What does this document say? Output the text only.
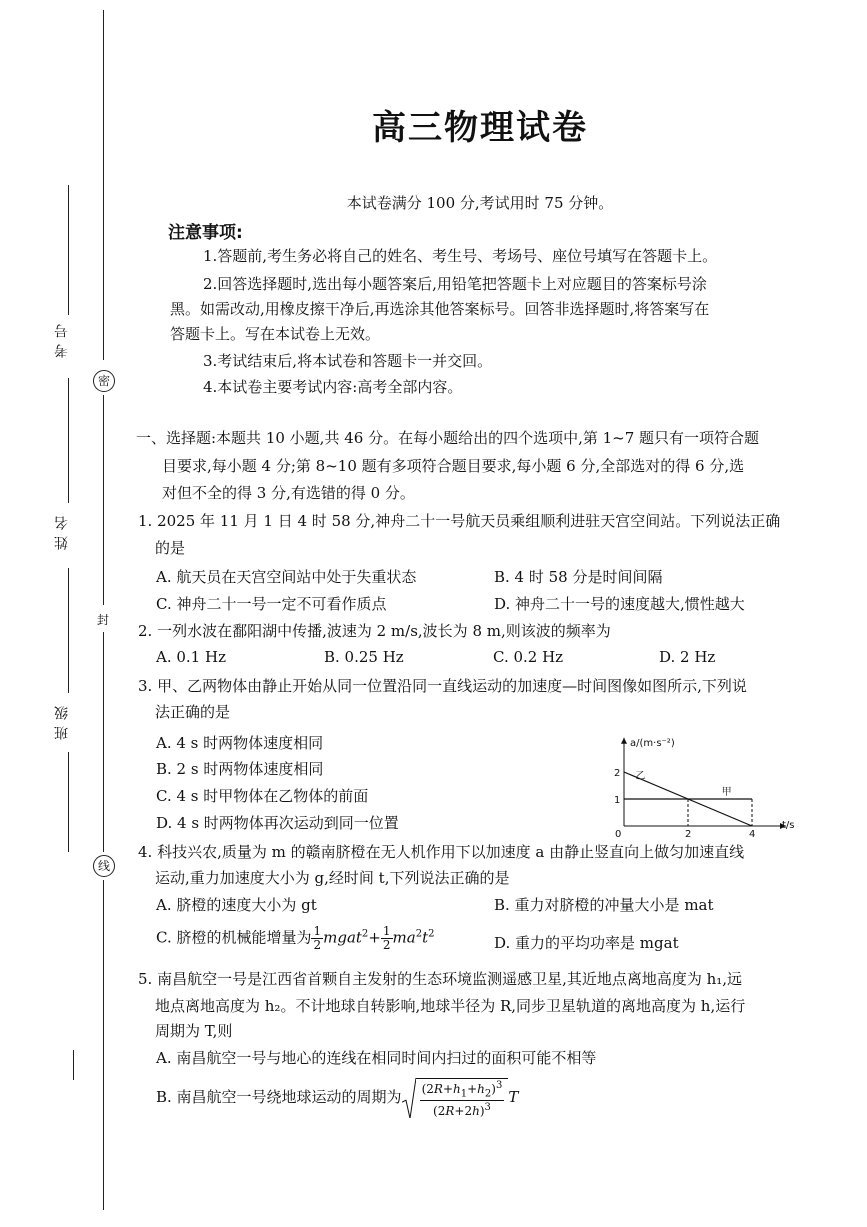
考号
姓名
班级
密
封
线
高三物理试卷
本试卷满分 100 分,考试用时 75 分钟。
注意事项:
1.答题前,考生务必将自己的姓名、考生号、考场号、座位号填写在答题卡上。
2.回答选择题时,选出每小题答案后,用铅笔把答题卡上对应题目的答案标号涂
黑。如需改动,用橡皮擦干净后,再选涂其他答案标号。回答非选择题时,将答案写在
答题卡上。写在本试卷上无效。
3.考试结束后,将本试卷和答题卡一并交回。
4.本试卷主要考试内容:高考全部内容。
一、选择题:本题共 10 小题,共 46 分。在每小题给出的四个选项中,第 1~7 题只有一项符合题
目要求,每小题 4 分;第 8~10 题有多项符合题目要求,每小题 6 分,全部选对的得 6 分,选
对但不全的得 3 分,有选错的得 0 分。
1. 2025 年 11 月 1 日 4 时 58 分,神舟二十一号航天员乘组顺利进驻天宫空间站。下列说法正确
的是
A. 航天员在天宫空间站中处于失重状态	B. 4 时 58 分是时间间隔
C. 神舟二十一号一定不可看作质点	D. 神舟二十一号的速度越大,惯性越大
2. 一列水波在鄱阳湖中传播,波速为 2 m/s,波长为 8 m,则该波的频率为
A. 0.1 Hz	B. 0.25 Hz	C. 0.2 Hz	D. 2 Hz
3. 甲、乙两物体由静止开始从同一位置沿同一直线运动的加速度—时间图像如图所示,下列说
法正确的是
A. 4 s 时两物体速度相同
B. 2 s 时两物体速度相同
C. 4 s 时甲物体在乙物体的前面
D. 4 s 时两物体再次运动到同一位置
a/(m·s⁻²)
t/s
0	2	4
1
2 乙
甲
4. 科技兴农,质量为 m 的赣南脐橙在无人机作用下以加速度 a 由静止竖直向上做匀加速直线
运动,重力加速度大小为 g,经时间 t,下列说法正确的是
A. 脐橙的速度大小为 gt	B. 重力对脐橙的冲量大小是 mat
C. 脐橙的机械能增量为 $\frac{1}{2}$ mgat$^2$+ $\frac{1}{2} ma^2t^2$	D. 重力的平均功率是 mgat
5. 南昌航空一号是江西省首颗自主发射的生态环境监测遥感卫星,其近地点离地高度为 h₁,远
地点离地高度为 h₂。不计地球自转影响,地球半径为 R,同步卫星轨道的离地高度为 h,运行
周期为 T,则
A. 南昌航空一号与地心的连线在相同时间内扫过的面积可能不相等
B. 南昌航空一号绕地球运动的周期为 $\frac{(2R+h_1+h_2)^3}{(2R+2h)^3}$ T
